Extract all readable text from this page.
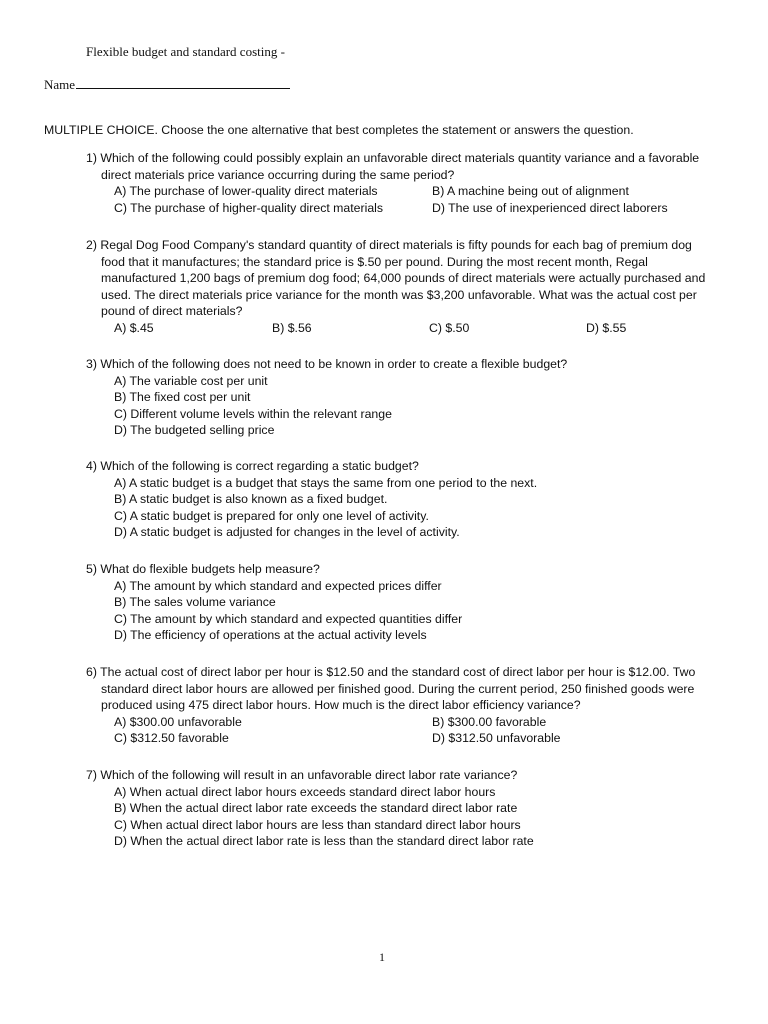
Flexible budget and standard costing -
Name
MULTIPLE CHOICE. Choose the one alternative that best completes the statement or answers the question.
1) Which of the following could possibly explain an unfavorable direct materials quantity variance and a favorable direct materials price variance occurring during the same period?
A) The purchase of lower-quality direct materials	B) A machine being out of alignment
C) The purchase of higher-quality direct materials	D) The use of inexperienced direct laborers
2) Regal Dog Food Company's standard quantity of direct materials is fifty pounds for each bag of premium dog food that it manufactures; the standard price is $.50 per pound. During the most recent month, Regal manufactured 1,200 bags of premium dog food; 64,000 pounds of direct materials were actually purchased and used. The direct materials price variance for the month was $3,200 unfavorable. What was the actual cost per pound of direct materials?
A) $.45	B) $.56	C) $.50	D) $.55
3) Which of the following does not need to be known in order to create a flexible budget?
A) The variable cost per unit
B) The fixed cost per unit
C) Different volume levels within the relevant range
D) The budgeted selling price
4) Which of the following is correct regarding a static budget?
A) A static budget is a budget that stays the same from one period to the next.
B) A static budget is also known as a fixed budget.
C) A static budget is prepared for only one level of activity.
D) A static budget is adjusted for changes in the level of activity.
5) What do flexible budgets help measure?
A) The amount by which standard and expected prices differ
B) The sales volume variance
C) The amount by which standard and expected quantities differ
D) The efficiency of operations at the actual activity levels
6) The actual cost of direct labor per hour is $12.50 and the standard cost of direct labor per hour is $12.00. Two standard direct labor hours are allowed per finished good. During the current period, 250 finished goods were produced using 475 direct labor hours. How much is the direct labor efficiency variance?
A) $300.00 unfavorable	B) $300.00 favorable
C) $312.50 favorable	D) $312.50 unfavorable
7) Which of the following will result in an unfavorable direct labor rate variance?
A) When actual direct labor hours exceeds standard direct labor hours
B) When the actual direct labor rate exceeds the standard direct labor rate
C) When actual direct labor hours are less than standard direct labor hours
D) When the actual direct labor rate is less than the standard direct labor rate
1
